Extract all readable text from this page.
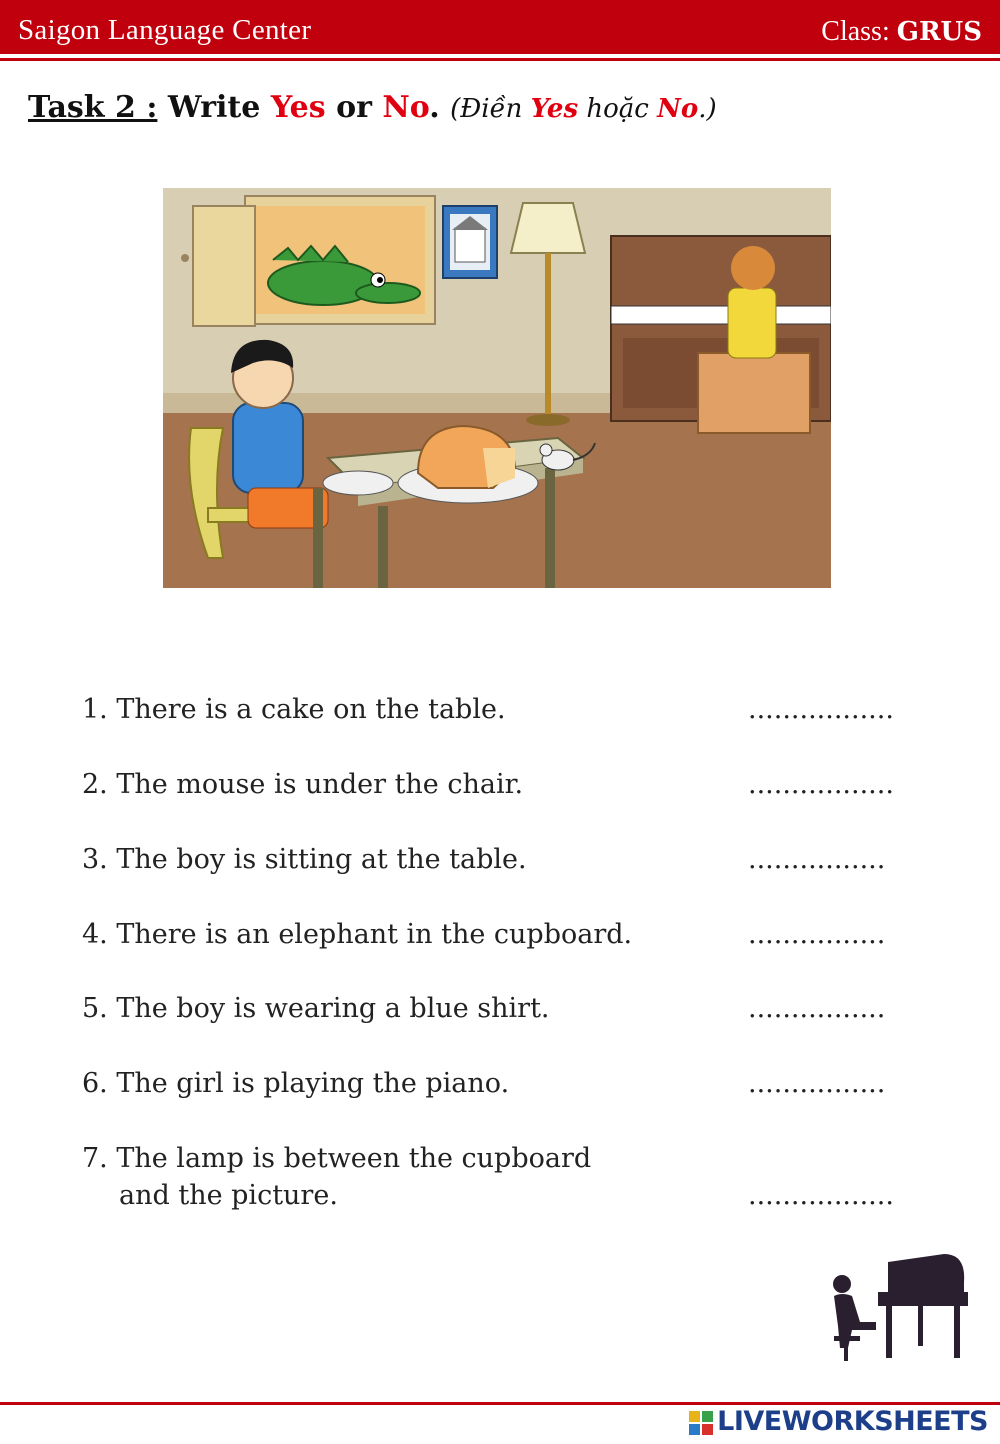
Saigon Language Center	Class: GRUS
Task 2 : Write Yes or No. (Điền Yes hoặc No.)
1. There is a cake on the table.	.................
2. The mouse is under the chair.	.................
3. The boy is sitting at the table.	................
4. There is an elephant in the cupboard.	................
5. The boy is wearing a blue shirt.	................
6. The girl is playing the piano.	................
7. The lamp is between the cupboard
and the picture.	.................
LIVEWORKSHEETS
